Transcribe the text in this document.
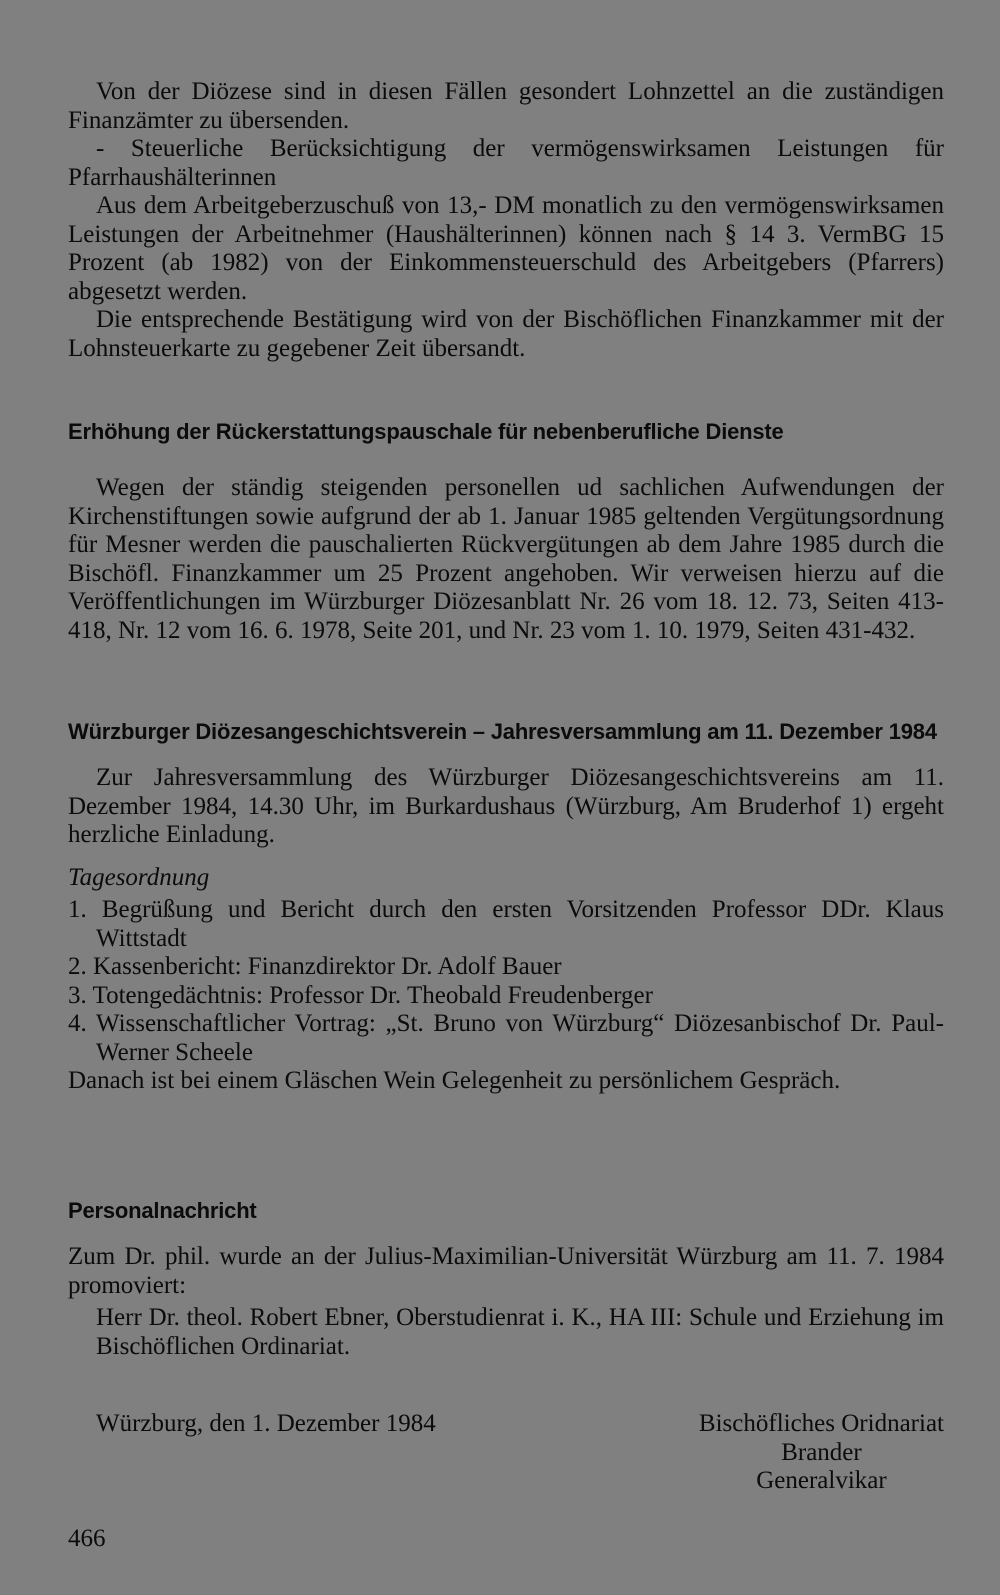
Von der Diözese sind in diesen Fällen gesondert Lohnzettel an die zuständigen Finanzämter zu übersenden.

- Steuerliche Berücksichtigung der vermögenswirksamen Leistungen für Pfarrhaushälterinnen

Aus dem Arbeitgeberzuschuß von 13,- DM monatlich zu den vermögenswirksamen Leistungen der Arbeitnehmer (Haushälterinnen) können nach § 14 3. VermBG 15 Prozent (ab 1982) von der Einkommensteuerschuld des Arbeitgebers (Pfarrers) abgesetzt werden.

Die entsprechende Bestätigung wird von der Bischöflichen Finanzkammer mit der Lohnsteuerkarte zu gegebener Zeit übersandt.

Erhöhung der Rückerstattungspauschale für nebenberufliche Dienste

Wegen der ständig steigenden personellen ud sachlichen Aufwendungen der Kirchenstiftungen sowie aufgrund der ab 1. Januar 1985 geltenden Vergütungsordnung für Mesner werden die pauschalierten Rückvergütungen ab dem Jahre 1985 durch die Bischöfl. Finanzkammer um 25 Prozent angehoben. Wir verweisen hierzu auf die Veröffentlichungen im Würzburger Diözesanblatt Nr. 26 vom 18. 12. 73, Seiten 413-418, Nr. 12 vom 16. 6. 1978, Seite 201, und Nr. 23 vom 1. 10. 1979, Seiten 431-432.

Würzburger Diözesangeschichtsverein – Jahresversammlung am 11. Dezember 1984

Zur Jahresversammlung des Würzburger Diözesangeschichtsvereins am 11. Dezember 1984, 14.30 Uhr, im Burkardushaus (Würzburg, Am Bruderhof 1) ergeht herzliche Einladung.

Tagesordnung

1. Begrüßung und Bericht durch den ersten Vorsitzenden Professor DDr. Klaus Wittstadt

2. Kassenbericht: Finanzdirektor Dr. Adolf Bauer

3. Totengedächtnis: Professor Dr. Theobald Freudenberger

4. Wissenschaftlicher Vortrag: „St. Bruno von Würzburg“ Diözesanbischof Dr. Paul-Werner Scheele

Danach ist bei einem Gläschen Wein Gelegenheit zu persönlichem Gespräch.

Personalnachricht

Zum Dr. phil. wurde an der Julius-Maximilian-Universität Würzburg am 11. 7. 1984 promoviert:

Herr Dr. theol. Robert Ebner, Oberstudienrat i. K., HA III: Schule und Erziehung im Bischöflichen Ordinariat.

Würzburg, den 1. Dezember 1984	Bischöfliches Oridnariat
Brander
Generalvikar
466
